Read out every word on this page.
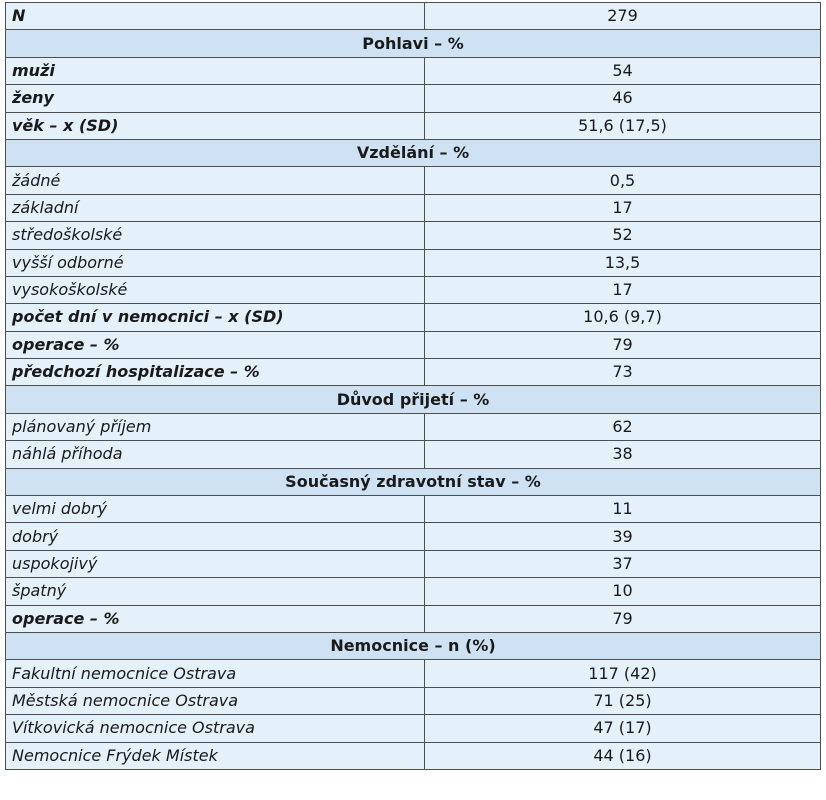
N	279
Pohlavi – %	
muži	54
ženy	46
věk – x (SD)	51,6 (17,5)
Vzdělání – %	
žádné	0,5
základní	17
středoškolské	52
vyšší odborné	13,5
vysokoškolské	17
počet dní v nemocnici – x (SD)	10,6 (9,7)
operace – %	79
předchozí hospitalizace – %	73
Důvod přijetí – %	
plánovaný příjem	62
náhlá příhoda	38
Současný zdravotní stav – %	
velmi dobrý	11
dobrý	39
uspokojivý	37
špatný	10
operace – %	79
Nemocnice – n (%)	
Fakultní nemocnice Ostrava	117 (42)
Městská nemocnice Ostrava	71 (25)
Vítkovická nemocnice Ostrava	47 (17)
Nemocnice Frýdek Místek	44 (16)
